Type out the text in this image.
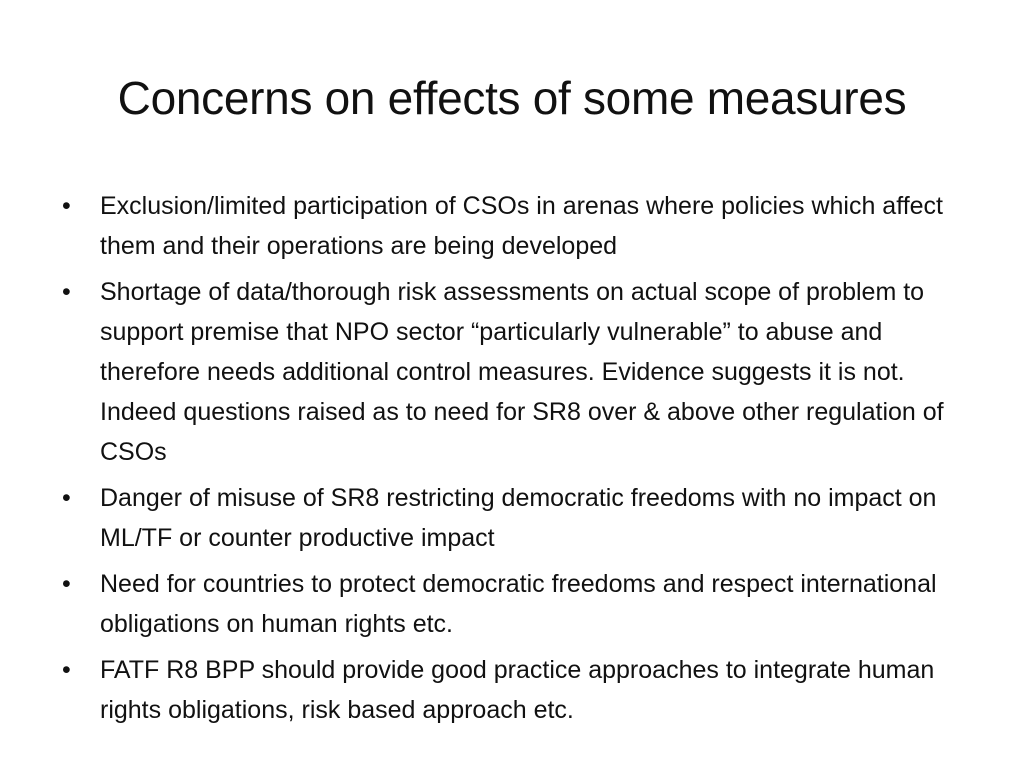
Concerns on effects of some measures
•	Exclusion/limited participation of CSOs in arenas where policies which affect them and their operations are being developed
•	Shortage of data/thorough risk assessments on actual scope of problem to support premise that NPO sector “particularly vulnerable” to abuse and therefore needs additional control measures. Evidence suggests it is not. Indeed questions raised as to need for SR8 over & above other regulation of CSOs
•	Danger of misuse of SR8 restricting democratic freedoms with no impact on ML/TF or counter productive impact
•	Need for countries to protect democratic freedoms and respect international obligations on human rights etc.
•	FATF R8 BPP should provide good practice approaches to integrate human rights obligations, risk based approach etc.
